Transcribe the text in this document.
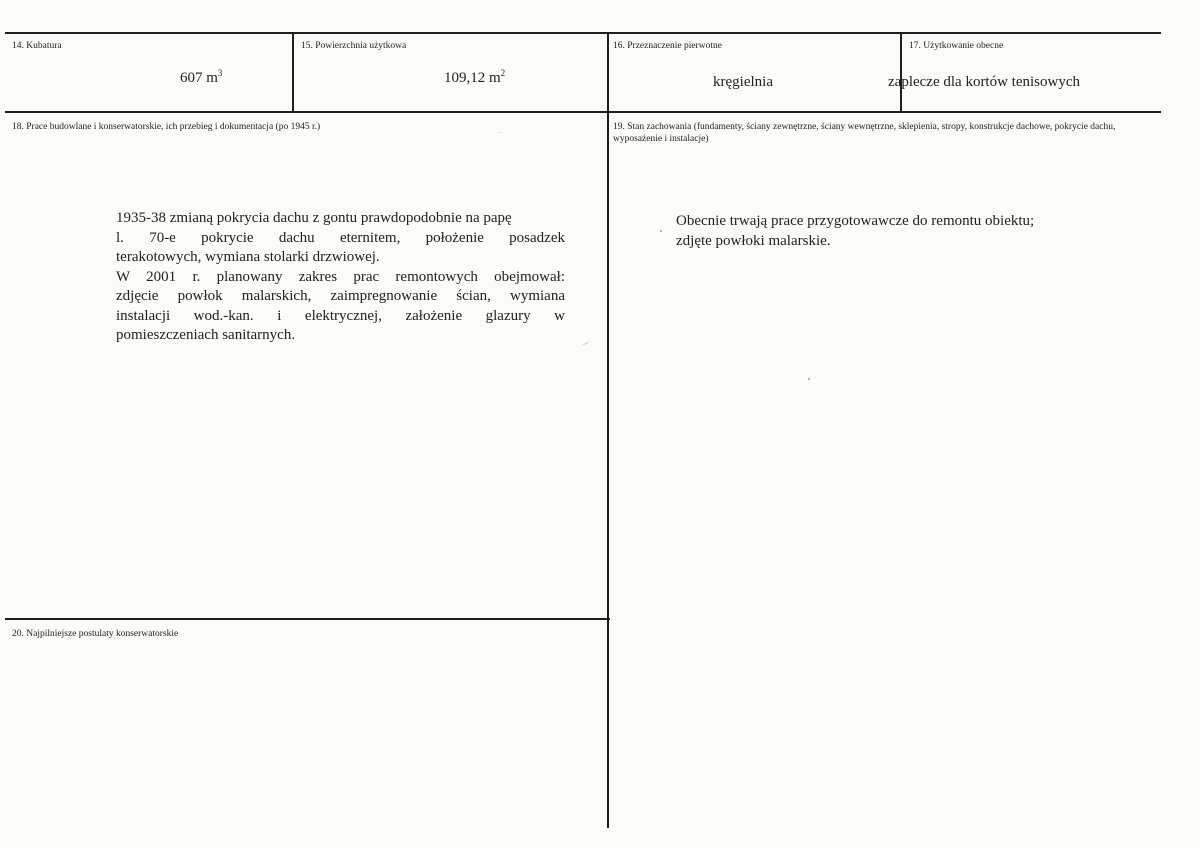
14. Kubatura
607 $m^3$
15. Powierzchnia użytkowa
109,12 $m^2$
16. Przeznaczenie pierwotne
kręgielnia
17. Użytkowanie obecne
zaplecze dla kortów tenisowych
18. Prace budowlane i konserwatorskie, ich przebieg i dokumentacja (po 1945 r.)
1935-38 zmianą pokrycia dachu z gontu prawdopodobnie na papę
l. 70-e pokrycie dachu eternitem, położenie posadzek
terakotowych, wymiana stolarki drzwiowej.
W 2001 r. planowany zakres prac remontowych obejmował:
zdjęcie powłok malarskich, zaimpregnowanie ścian, wymiana
instalacji wod.-kan. i elektrycznej, założenie glazury w
pomieszczeniach sanitarnych.
19. Stan zachowania (fundamenty, ściany zewnętrzne, ściany wewnętrzne, sklepienia, stropy, konstrukcje dachowe, pokrycie dachu, wyposażenie i instalacje)
Obecnie trwają prace przygotowawcze do remontu obiektu;
zdjęte powłoki malarskie.
20. Najpilniejsze postulaty konserwatorskie
